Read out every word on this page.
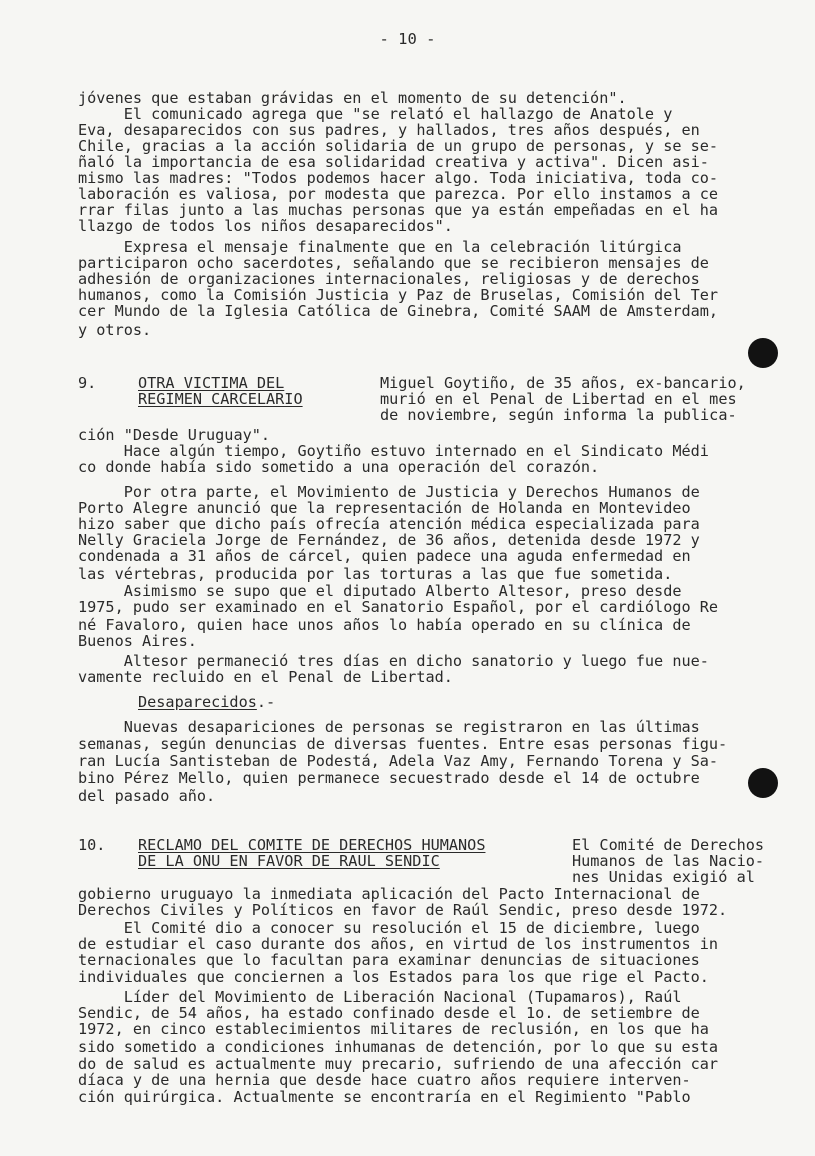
- 10 -
jóvenes que estaban grávidas en el momento de su detención".
El comunicado agrega que "se relató el hallazgo de Anatole y
Eva, desaparecidos con sus padres, y hallados, tres años después, en
Chile, gracias a la acción solidaria de un grupo de personas, y se se-
ñaló la importancia de esa solidaridad creativa y activa". Dicen asi-
mismo las madres: "Todos podemos hacer algo. Toda iniciativa, toda co-
laboración es valiosa, por modesta que parezca. Por ello instamos a ce
rrar filas junto a las muchas personas que ya están empeñadas en el ha
llazgo de todos los niños desaparecidos".
Expresa el mensaje finalmente que en la celebración litúrgica
participaron ocho sacerdotes, señalando que se recibieron mensajes de
adhesión de organizaciones internacionales, religiosas y de derechos
humanos, como la Comisión Justicia y Paz de Bruselas, Comisión del Ter
cer Mundo de la Iglesia Católica de Ginebra, Comité SAAM de Amsterdam,
y otros.
9.	OTRA VICTIMA DEL
REGIMEN CARCELARIO
Miguel Goytiño, de 35 años, ex-bancario,
murió en el Penal de Libertad en el mes
de noviembre, según informa la publica-
ción "Desde Uruguay".
Hace algún tiempo, Goytiño estuvo internado en el Sindicato Médi
co donde había sido sometido a una operación del corazón.
Por otra parte, el Movimiento de Justicia y Derechos Humanos de
Porto Alegre anunció que la representación de Holanda en Montevideo
hizo saber que dicho país ofrecía atención médica especializada para
Nelly Graciela Jorge de Fernández, de 36 años, detenida desde 1972 y
condenada a 31 años de cárcel, quien padece una aguda enfermedad en
las vértebras, producida por las torturas a las que fue sometida.
Asimismo se supo que el diputado Alberto Altesor, preso desde
1975, pudo ser examinado en el Sanatorio Español, por el cardiólogo Re
né Favaloro, quien hace unos años lo había operado en su clínica de
Buenos Aires.
Altesor permaneció tres días en dicho sanatorio y luego fue nue-
vamente recluido en el Penal de Libertad.
Desaparecidos.-
Nuevas desapariciones de personas se registraron en las últimas
semanas, según denuncias de diversas fuentes. Entre esas personas figu-
ran Lucía Santisteban de Podestá, Adela Vaz Amy, Fernando Torena y Sa-
bino Pérez Mello, quien permanece secuestrado desde el 14 de octubre
del pasado año.
10. RECLAMO DEL COMITE DE DERECHOS HUMANOS
DE LA ONU EN FAVOR DE RAUL SENDIC
El Comité de Derechos
Humanos de las Nacio-
nes Unidas exigió al
gobierno uruguayo la inmediata aplicación del Pacto Internacional de
Derechos Civiles y Políticos en favor de Raúl Sendic, preso desde 1972.
El Comité dio a conocer su resolución el 15 de diciembre, luego
de estudiar el caso durante dos años, en virtud de los instrumentos in
ternacionales que lo facultan para examinar denuncias de situaciones
individuales que conciernen a los Estados para los que rige el Pacto.
Líder del Movimiento de Liberación Nacional (Tupamaros), Raúl
Sendic, de 54 años, ha estado confinado desde el 1o. de setiembre de
1972, en cinco establecimientos militares de reclusión, en los que ha
sido sometido a condiciones inhumanas de detención, por lo que su esta
do de salud es actualmente muy precario, sufriendo de una afección car
díaca y de una hernia que desde hace cuatro años requiere interven-
ción quirúrgica. Actualmente se encontraría en el Regimiento "Pablo
